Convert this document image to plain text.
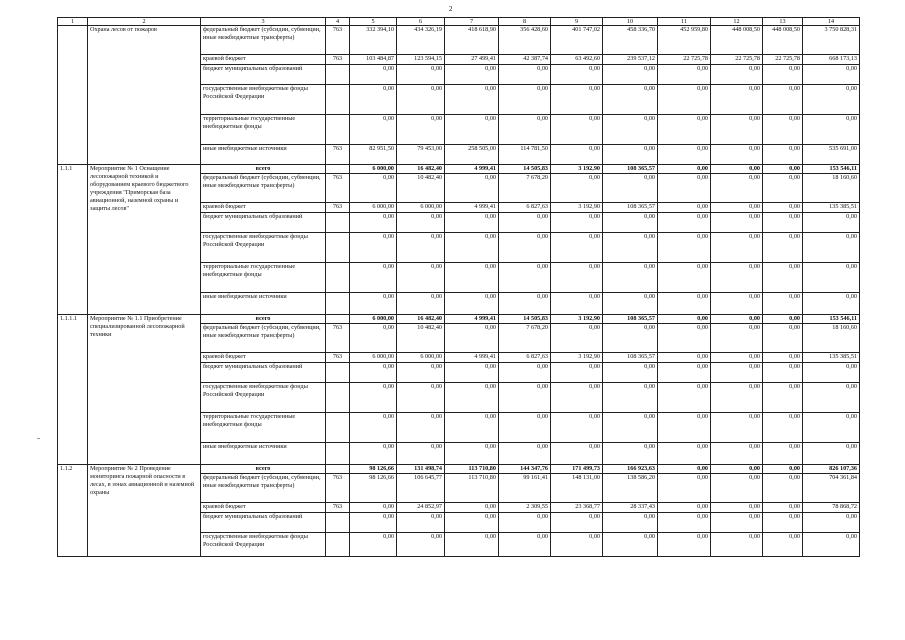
2
1	2	3	4	5	6	7	8	9	10	11	12	13	14
	Охрана лесов от пожаров	федеральный бюджет (субсидии, субвенции, иные межбюджетные трансферты)	763	332 394,10	434 326,19	418 618,90	356 428,60	401 747,02	458 336,70	452 959,80	448 008,50	448 008,50	3 750 828,31
		краевой бюджет	763	103 484,87	123 594,15	27 499,41	42 387,74	63 492,60	239 537,12	22 725,78	22 725,78	22 725,78	668 173,13
		бюджет муниципальных образований		0,00	0,00	0,00	0,00	0,00	0,00	0,00	0,00	0,00	0,00
		государственные внебюджетные фонды Российской Федерации		0,00	0,00	0,00	0,00	0,00	0,00	0,00	0,00	0,00	0,00
		территориальные государственные внебюджетные фонды		0,00	0,00	0,00	0,00	0,00	0,00	0,00	0,00	0,00	0,00
		иные внебюджетные источники	763	82 951,50	79 453,00	258 505,00	114 781,50	0,00	0,00	0,00	0,00	0,00	535 691,00
1.1.1	Мероприятие № 1 Оснащение лесопожарной техникой и оборудованием краевого бюджетного учреждения "Приморская база авиационной, наземной охраны и защиты лесов"	всего		6 000,00	16 482,40	4 999,41	14 505,83	3 192,90	108 365,57	0,00	0,00	0,00	153 546,11
		федеральный бюджет (субсидии, субвенции, иные межбюджетные трансферты)	763	0,00	10 482,40	0,00	7 678,20	0,00	0,00	0,00	0,00	0,00	18 160,60
		краевой бюджет	763	6 000,00	6 000,00	4 999,41	6 827,63	3 192,90	108 365,57	0,00	0,00	0,00	135 385,51
		бюджет муниципальных образований		0,00	0,00	0,00	0,00	0,00	0,00	0,00	0,00	0,00	0,00
		государственные внебюджетные фонды Российской Федерации		0,00	0,00	0,00	0,00	0,00	0,00	0,00	0,00	0,00	0,00
		территориальные государственные внебюджетные фонды		0,00	0,00	0,00	0,00	0,00	0,00	0,00	0,00	0,00	0,00
		иные внебюджетные источники		0,00	0,00	0,00	0,00	0,00	0,00	0,00	0,00	0,00	0,00
1.1.1.1	Мероприятие № 1.1 Приобретение специализированной лесопожарной техники	всего		6 000,00	16 482,40	4 999,41	14 505,83	3 192,90	108 365,57	0,00	0,00	0,00	153 546,11
		федеральный бюджет (субсидии, субвенции, иные межбюджетные трансферты)	763	0,00	10 482,40	0,00	7 678,20	0,00	0,00	0,00	0,00	0,00	18 160,60
		краевой бюджет	763	6 000,00	6 000,00	4 999,41	6 827,63	3 192,90	108 365,57	0,00	0,00	0,00	135 385,51
		бюджет муниципальных образований		0,00	0,00	0,00	0,00	0,00	0,00	0,00	0,00	0,00	0,00
		государственные внебюджетные фонды Российской Федерации		0,00	0,00	0,00	0,00	0,00	0,00	0,00	0,00	0,00	0,00
		территориальные государственные внебюджетные фонды		0,00	0,00	0,00	0,00	0,00	0,00	0,00	0,00	0,00	0,00
		иные внебюджетные источники		0,00	0,00	0,00	0,00	0,00	0,00	0,00	0,00	0,00	0,00
1.1.2	Мероприятие № 2 Проведение мониторинга пожарной опасности в лесах, в зонах авиационной и наземной охраны	всего		98 126,66	131 498,74	113 710,80	144 347,76	171 499,73	166 923,63	0,00	0,00	0,00	826 107,36
		федеральный бюджет (субсидии, субвенции, иные межбюджетные трансферты)	763	98 126,66	106 645,77	113 710,80	99 161,41	148 131,00	138 586,20	0,00	0,00	0,00	704 361,84
		краевой бюджет	763	0,00	24 852,97	0,00	2 309,55	23 368,77	28 337,43	0,00	0,00	0,00	78 868,72
		бюджет муниципальных образований		0,00	0,00	0,00	0,00	0,00	0,00	0,00	0,00	0,00	0,00
		государственные внебюджетные фонды Российской Федерации		0,00	0,00	0,00	0,00	0,00	0,00	0,00	0,00	0,00	0,00
